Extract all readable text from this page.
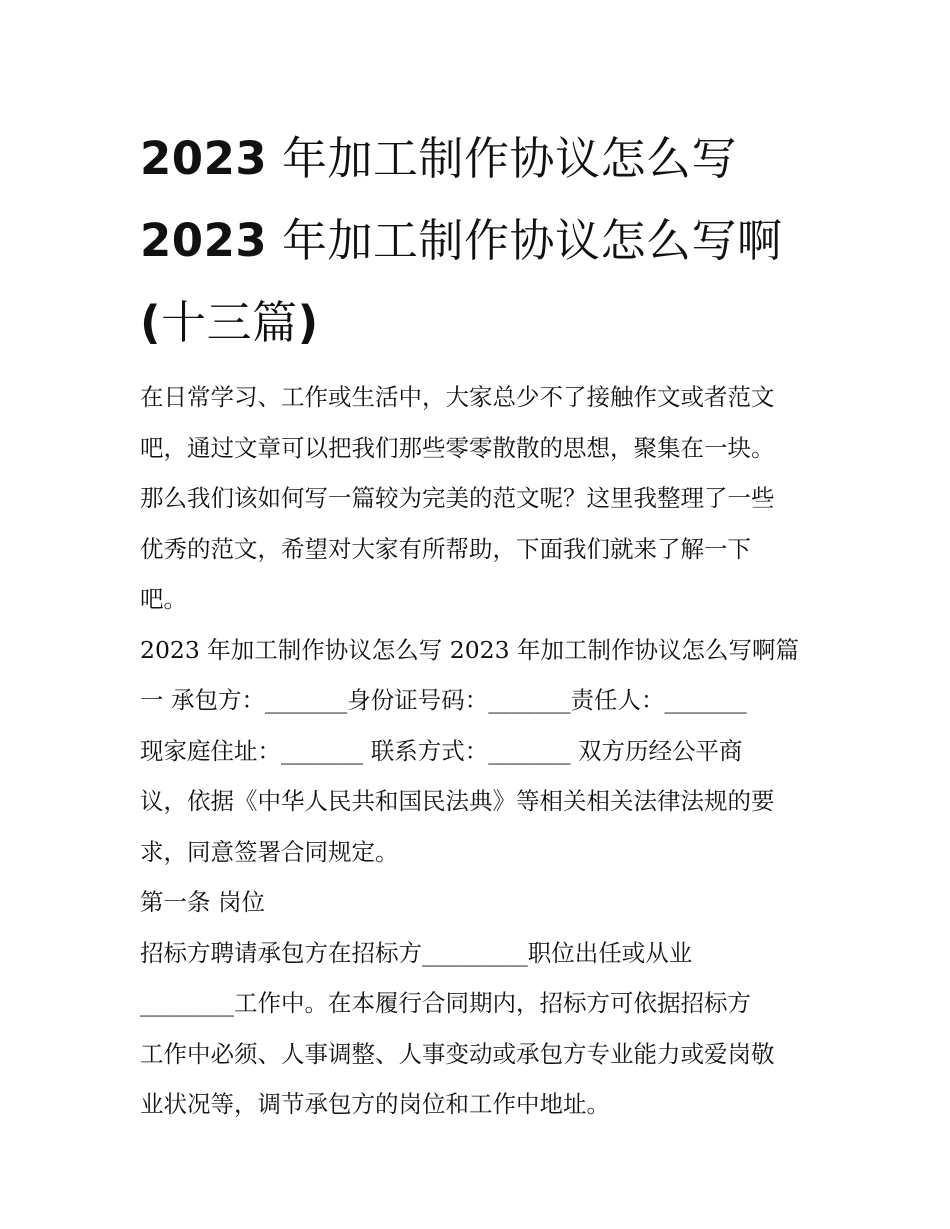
2023 年加工制作协议怎么写
2023 年加工制作协议怎么写啊
(十三篇)

在日常学习、工作或生活中，大家总少不了接触作文或者范文

吧，通过文章可以把我们那些零零散散的思想，聚集在一块。

那么我们该如何写一篇较为完美的范文呢？这里我整理了一些

优秀的范文，希望对大家有所帮助，下面我们就来了解一下

吧。

2023 年加工制作协议怎么写 2023 年加工制作协议怎么写啊篇

一 承包方：_______身份证号码：_______责任人：_______

现家庭住址：_______ 联系方式：_______ 双方历经公平商

议，依据《中华人民共和国民法典》等相关相关法律法规的要

求，同意签署合同规定。

第一条 岗位

招标方聘请承包方在招标方_________职位出任或从业

________工作中。在本履行合同期内，招标方可依据招标方

工作中必须、人事调整、人事变动或承包方专业能力或爱岗敬

业状况等，调节承包方的岗位和工作中地址。
